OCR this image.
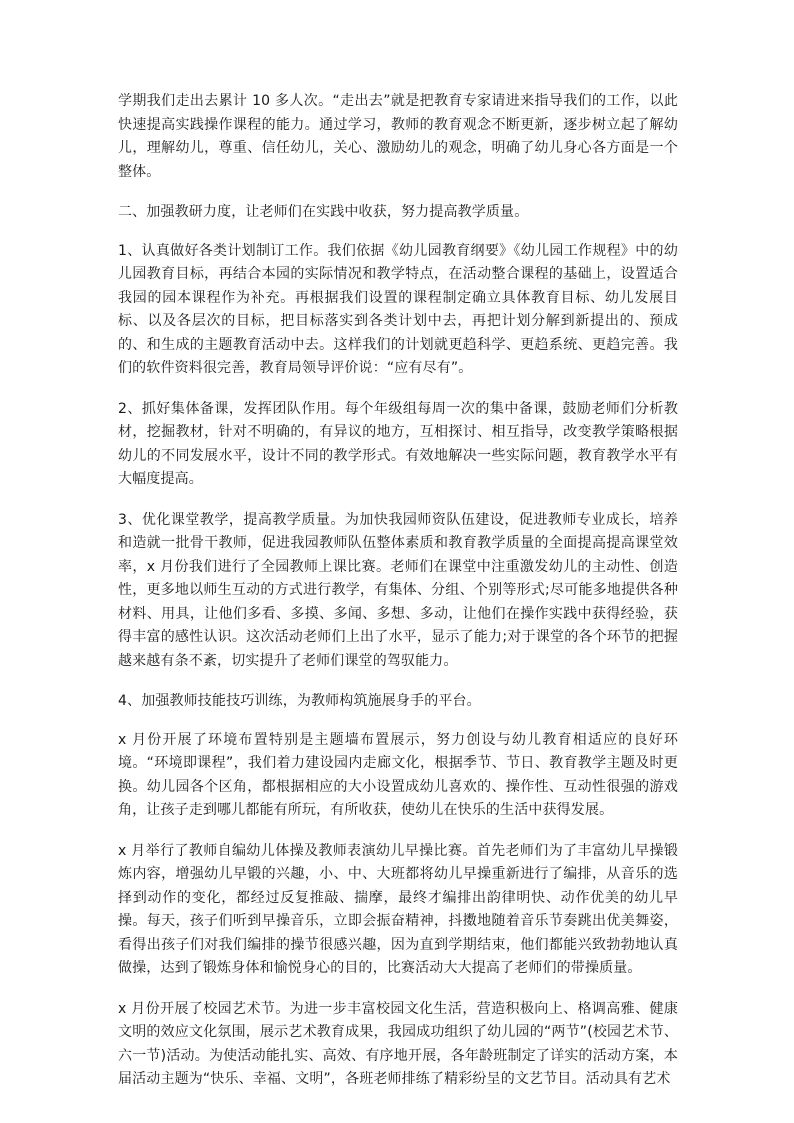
学期我们走出去累计 10 多人次。“走出去”就是把教育专家请进来指导我们的工作，以此快速提高实践操作课程的能力。通过学习，教师的教育观念不断更新，逐步树立起了解幼儿，理解幼儿，尊重、信任幼儿，关心、激励幼儿的观念，明确了幼儿身心各方面是一个整体。

二、加强教研力度，让老师们在实践中收获，努力提高教学质量。

1、认真做好各类计划制订工作。我们依据《幼儿园教育纲要》《幼儿园工作规程》中的幼儿园教育目标，再结合本园的实际情况和教学特点，在活动整合课程的基础上，设置适合我园的园本课程作为补充。再根据我们设置的课程制定确立具体教育目标、幼儿发展目标、以及各层次的目标，把目标落实到各类计划中去，再把计划分解到新提出的、预成的、和生成的主题教育活动中去。这样我们的计划就更趋科学、更趋系统、更趋完善。我们的软件资料很完善，教育局领导评价说：“应有尽有”。

2、抓好集体备课，发挥团队作用。每个年级组每周一次的集中备课，鼓励老师们分析教材，挖掘教材，针对不明确的，有异议的地方，互相探讨、相互指导，改变教学策略根据幼儿的不同发展水平，设计不同的教学形式。有效地解决一些实际问题，教育教学水平有大幅度提高。

3、优化课堂教学，提高教学质量。为加快我园师资队伍建设，促进教师专业成长，培养和造就一批骨干教师，促进我园教师队伍整体素质和教育教学质量的全面提高提高课堂效率，x 月份我们进行了全园教师上课比赛。老师们在课堂中注重激发幼儿的主动性、创造性，更多地以师生互动的方式进行教学，有集体、分组、个别等形式;尽可能多地提供各种材料、用具，让他们多看、多摸、多闻、多想、多动，让他们在操作实践中获得经验，获得丰富的感性认识。这次活动老师们上出了水平，显示了能力;对于课堂的各个环节的把握越来越有条不紊，切实提升了老师们课堂的驾驭能力。

4、加强教师技能技巧训练，为教师构筑施展身手的平台。

x 月份开展了环境布置特别是主题墙布置展示，努力创设与幼儿教育相适应的良好环境。“环境即课程”，我们着力建设园内走廊文化，根据季节、节日、教育教学主题及时更换。幼儿园各个区角，都根据相应的大小设置成幼儿喜欢的、操作性、互动性很强的游戏角，让孩子走到哪儿都能有所玩，有所收获，使幼儿在快乐的生活中获得发展。

x 月举行了教师自编幼儿体操及教师表演幼儿早操比赛。首先老师们为了丰富幼儿早操锻炼内容，增强幼儿早锻的兴趣，小、中、大班都将幼儿早操重新进行了编排，从音乐的选择到动作的变化，都经过反复推敲、揣摩，最终才编排出韵律明快、动作优美的幼儿早操。每天，孩子们听到早操音乐，立即会振奋精神，抖擞地随着音乐节奏跳出优美舞姿，看得出孩子们对我们编排的操节很感兴趣，因为直到学期结束，他们都能兴致勃勃地认真做操，达到了锻炼身体和愉悦身心的目的，比赛活动大大提高了老师们的带操质量。

x 月份开展了校园艺术节。为进一步丰富校园文化生活，营造积极向上、格调高雅、健康文明的效应文化氛围，展示艺术教育成果，我园成功组织了幼儿园的“两节”(校园艺术节、六一节)活动。为使活动能扎实、高效、有序地开展，各年龄班制定了详实的活动方案，本届活动主题为“快乐、幸福、文明”，各班老师排练了精彩纷呈的文艺节目。活动具有艺术
